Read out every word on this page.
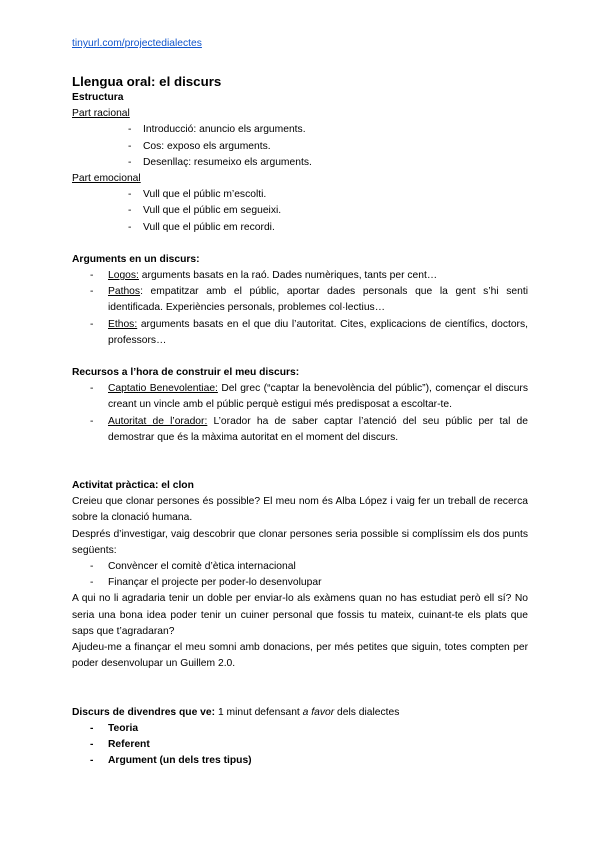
tinyurl.com/projectedialectes
Llengua oral: el discurs
Estructura
Part racional
- Introducció: anuncio els arguments.
- Cos: exposo els arguments.
- Desenllaç: resumeixo els arguments.
Part emocional
- Vull que el públic m’escolti.
- Vull que el públic em segueixi.
- Vull que el públic em recordi.
Arguments en un discurs:
- Logos: arguments basats en la raó. Dades numèriques, tants per cent…
- Pathos: empatitzar amb el públic, aportar dades personals que la gent s’hi senti identificada. Experiències personals, problemes col·lectius…
- Ethos: arguments basats en el que diu l’autoritat. Cites, explicacions de científics, doctors, professors…
Recursos a l’hora de construir el meu discurs:
- Captatio Benevolentiae: Del grec (“captar la benevolència del públic”), començar el discurs creant un vincle amb el públic perquè estigui més predisposat a escoltar-te.
- Autoritat de l’orador: L’orador ha de saber captar l’atenció del seu públic per tal de demostrar que és la màxima autoritat en el moment del discurs.
Activitat pràctica: el clon

Creieu que clonar persones és possible? El meu nom és Alba López i vaig fer un treball de recerca sobre la clonació humana.

Després d’investigar, vaig descobrir que clonar persones seria possible si complíssim els dos punts següents:

- Convèncer el comitè d’ètica internacional
- Finançar el projecte per poder-lo desenvolupar

A qui no li agradaria tenir un doble per enviar-lo als exàmens quan no has estudiat però ell sí? No seria una bona idea poder tenir un cuiner personal que fossis tu mateix, cuinant-te els plats que saps que t’agradaran?

Ajudeu-me a finançar el meu somni amb donacions, per més petites que siguin, totes compten per poder desenvolupar un Guillem 2.0.

Discurs de divendres que ve: 1 minut defensant a favor dels dialectes
- Teoria
- Referent
- Argument (un dels tres tipus)
